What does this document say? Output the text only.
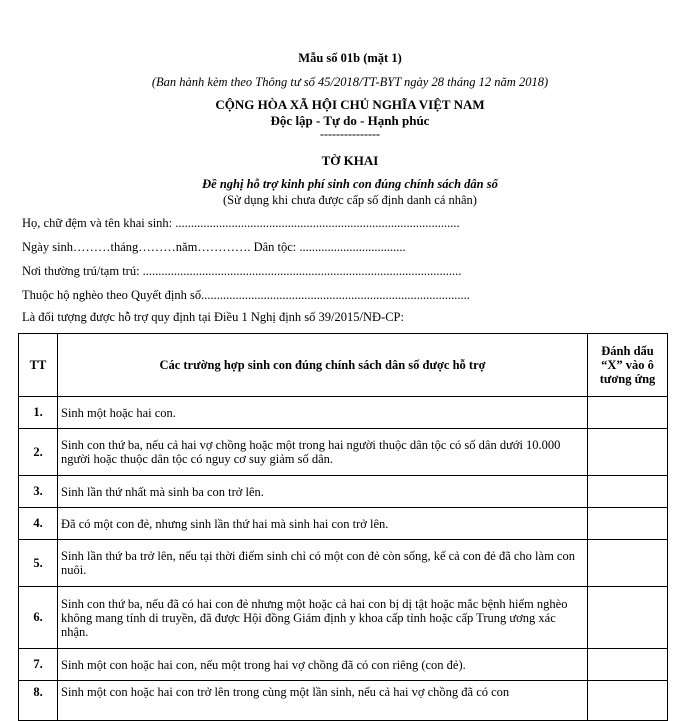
Mẫu số 01b (mặt 1)
(Ban hành kèm theo Thông tư số 45/2018/TT-BYT ngày 28 tháng 12 năm 2018)
CỘNG HÒA XÃ HỘI CHỦ NGHĨA VIỆT NAM
Độc lập - Tự do - Hạnh phúc
---------------
TỜ KHAI
Đề nghị hỗ trợ kinh phí sinh con đúng chính sách dân số
(Sử dụng khi chưa được cấp số định danh cá nhân)
Họ, chữ đệm và tên khai sinh: ...........................................................................................
Ngày sinh………tháng………năm…………. Dân tộc: ..................................
Nơi thường trú/tạm trú: ......................................................................................................
Thuộc hộ nghèo theo Quyết định số......................................................................................
Là đối tượng được hỗ trợ quy định tại Điều 1 Nghị định số 39/2015/NĐ-CP:
TT	Các trường hợp sinh con đúng chính sách dân số được hỗ trợ	Đánh dấu “X” vào ô tương ứng
1.	Sinh một hoặc hai con.	
2.	Sinh con thứ ba, nếu cả hai vợ chồng hoặc một trong hai người thuộc dân tộc có số dân dưới 10.000 người hoặc thuộc dân tộc có nguy cơ suy giảm số dân.	
3.	Sinh lần thứ nhất mà sinh ba con trở lên.	
4.	Đã có một con đẻ, nhưng sinh lần thứ hai mà sinh hai con trở lên.	
5.	Sinh lần thứ ba trở lên, nếu tại thời điểm sinh chỉ có một con đẻ còn sống, kể cả con đẻ đã cho làm con nuôi.	
6.	Sinh con thứ ba, nếu đã có hai con đẻ nhưng một hoặc cả hai con bị dị tật hoặc mắc bệnh hiểm nghèo không mang tính di truyền, đã được Hội đồng Giám định y khoa cấp tỉnh hoặc cấp Trung ương xác nhận.	
7.	Sinh một con hoặc hai con, nếu một trong hai vợ chồng đã có con riêng (con đẻ).	
8.	Sinh một con hoặc hai con trở lên trong cùng một lần sinh, nếu cả hai vợ chồng đã có con	
